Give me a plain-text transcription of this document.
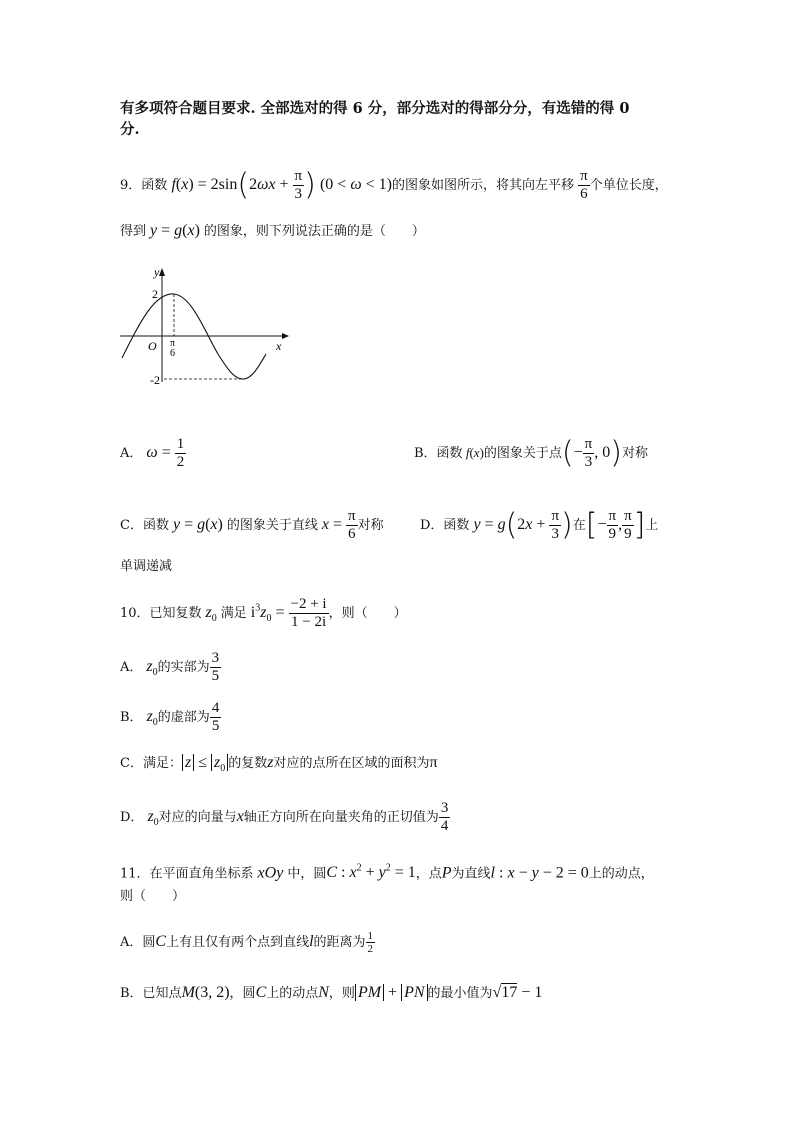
有多项符合题目要求. 全部选对的得 6 分，部分选对的得部分分，有选错的得 0
分.
9．函数 $f(x) = 2\sin(2\omega x + \frac{\pi}{3}$ ) (0 < ω < 1)的图象如图所示，将其向左平移 $\frac{\pi}{6}$ 个单位长度，
得到 y = g(x) 的图象，则下列说法正确的是（　　）
y
x
O
2
-2
π
6
A． $\omega = \frac{1}{2}$	B．函数 f(x)的图象关于点(− $\frac{\pi}{3}$ , 0)对称
C．函数 y = g(x) 的图象关于直线 $x = \frac{\pi}{6}$ 对称	D．函数 $y = g(2x + \frac{\pi}{3}$ )在[− $\frac{\pi}{9}$ , $\frac{\pi}{9}$ ]上
单调递减
10．已知复数 $z_0$ 满足 $i^3z_0 = \frac{-2 + i}{1 - 2i}$ ，则（　　）
A． $z_0$的实部为 $\frac{3}{5}$
B． $z_0$的虚部为 $\frac{4}{5}$
C．满足： $z \le z_0$ 的复数z对应的点所在区域的面积为π
D． $z_0$对应的向量与x轴正方向所在向量夹角的正切值为 $\frac{3}{4}$
11．在平面直角坐标系 xOy 中，圆C : $x^2 + y^2 = 1$，点P为直线l : x − y − 2 = 0上的动点，
则（　　）
A．圆C上有且仅有两个点到直线l的距离为 $\frac{1}{2}$
B．已知点M(3, 2)，圆C上的动点N，则 PM + PN 的最小值为√17 − 1
